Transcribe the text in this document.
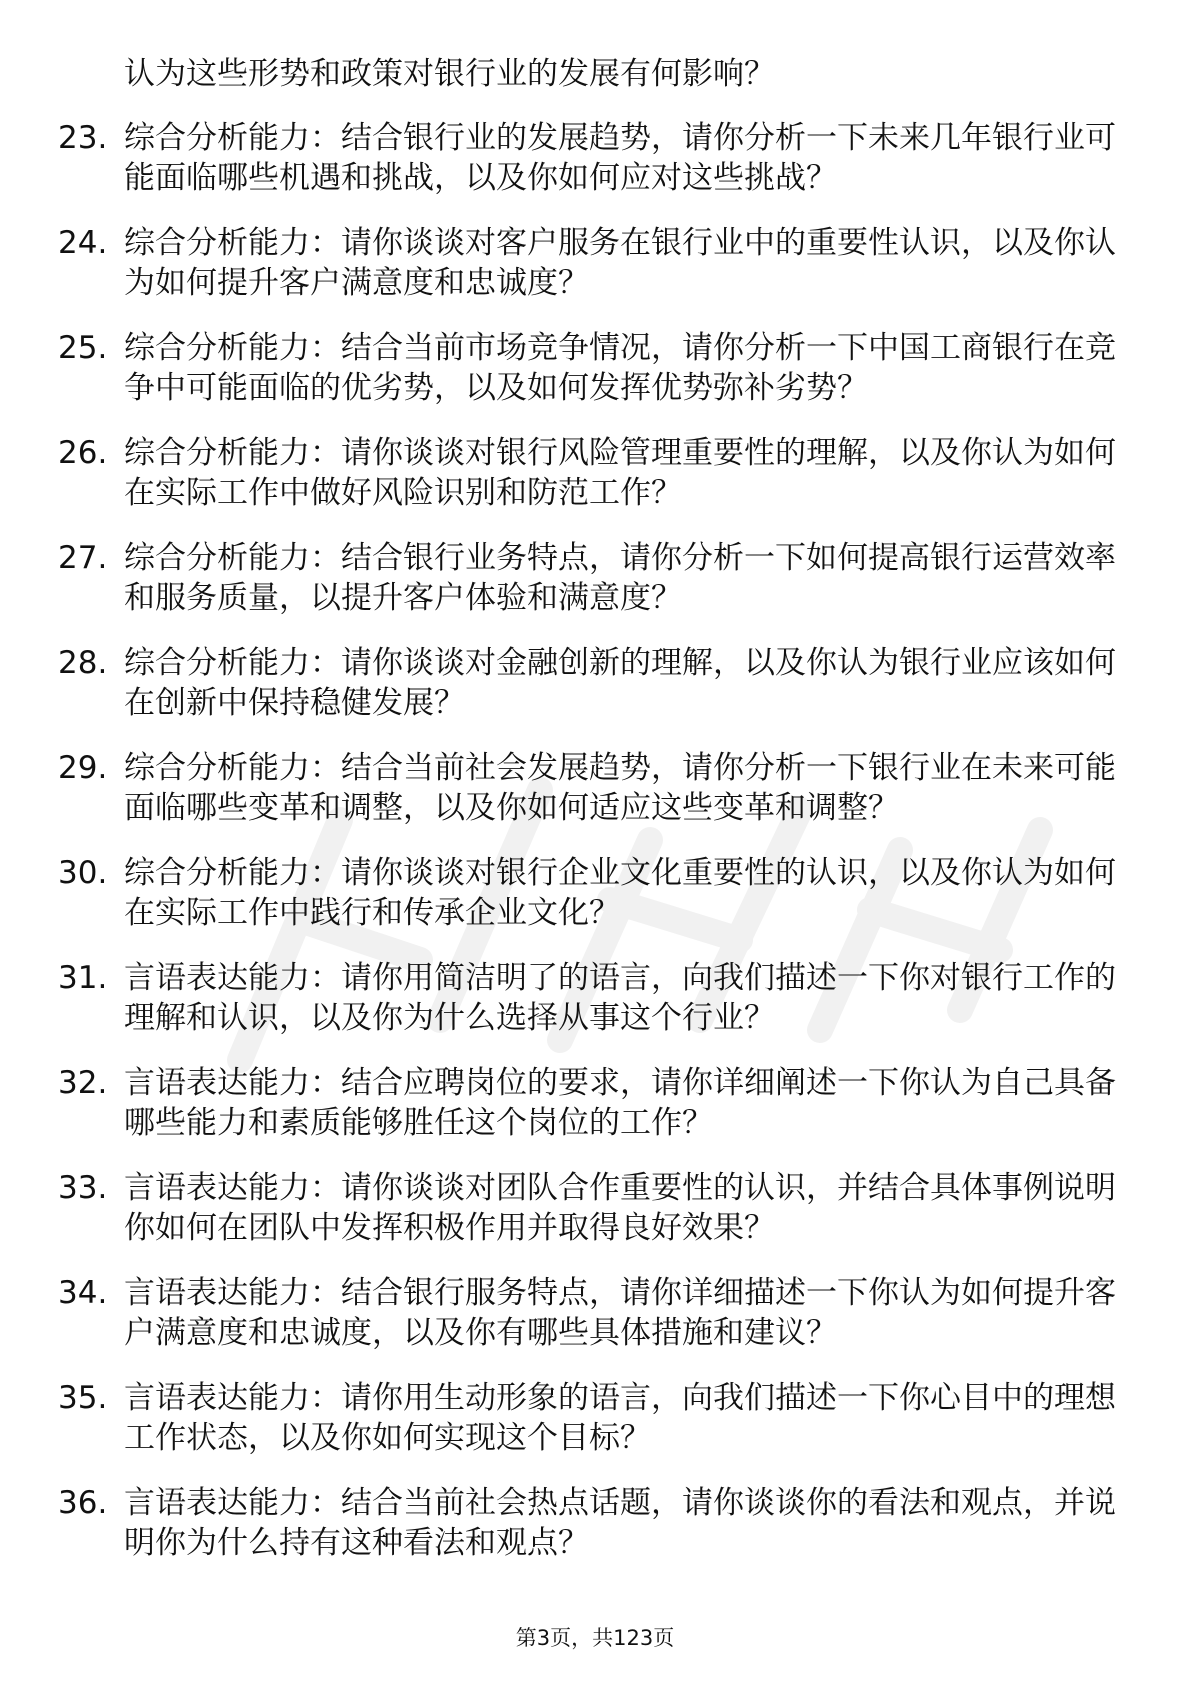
认为这些形势和政策对银行业的发展有何影响？
23. 综合分析能力：结合银行业的发展趋势，请你分析一下未来几年银行业可能面临哪些机遇和挑战，以及你如何应对这些挑战？
24. 综合分析能力：请你谈谈对客户服务在银行业中的重要性认识，以及你认为如何提升客户满意度和忠诚度？
25. 综合分析能力：结合当前市场竞争情况，请你分析一下中国工商银行在竞争中可能面临的优劣势，以及如何发挥优势弥补劣势？
26. 综合分析能力：请你谈谈对银行风险管理重要性的理解，以及你认为如何在实际工作中做好风险识别和防范工作？
27. 综合分析能力：结合银行业务特点，请你分析一下如何提高银行运营效率和服务质量，以提升客户体验和满意度？
28. 综合分析能力：请你谈谈对金融创新的理解，以及你认为银行业应该如何在创新中保持稳健发展？
29. 综合分析能力：结合当前社会发展趋势，请你分析一下银行业在未来可能面临哪些变革和调整，以及你如何适应这些变革和调整？
30. 综合分析能力：请你谈谈对银行企业文化重要性的认识，以及你认为如何在实际工作中践行和传承企业文化？
31. 言语表达能力：请你用简洁明了的语言，向我们描述一下你对银行工作的理解和认识，以及你为什么选择从事这个行业？
32. 言语表达能力：结合应聘岗位的要求，请你详细阐述一下你认为自己具备哪些能力和素质能够胜任这个岗位的工作？
33. 言语表达能力：请你谈谈对团队合作重要性的认识，并结合具体事例说明你如何在团队中发挥积极作用并取得良好效果？
34. 言语表达能力：结合银行服务特点，请你详细描述一下你认为如何提升客户满意度和忠诚度，以及你有哪些具体措施和建议？
35. 言语表达能力：请你用生动形象的语言，向我们描述一下你心目中的理想工作状态，以及你如何实现这个目标？
36. 言语表达能力：结合当前社会热点话题，请你谈谈你的看法和观点，并说明你为什么持有这种看法和观点？
第3页，共123页
